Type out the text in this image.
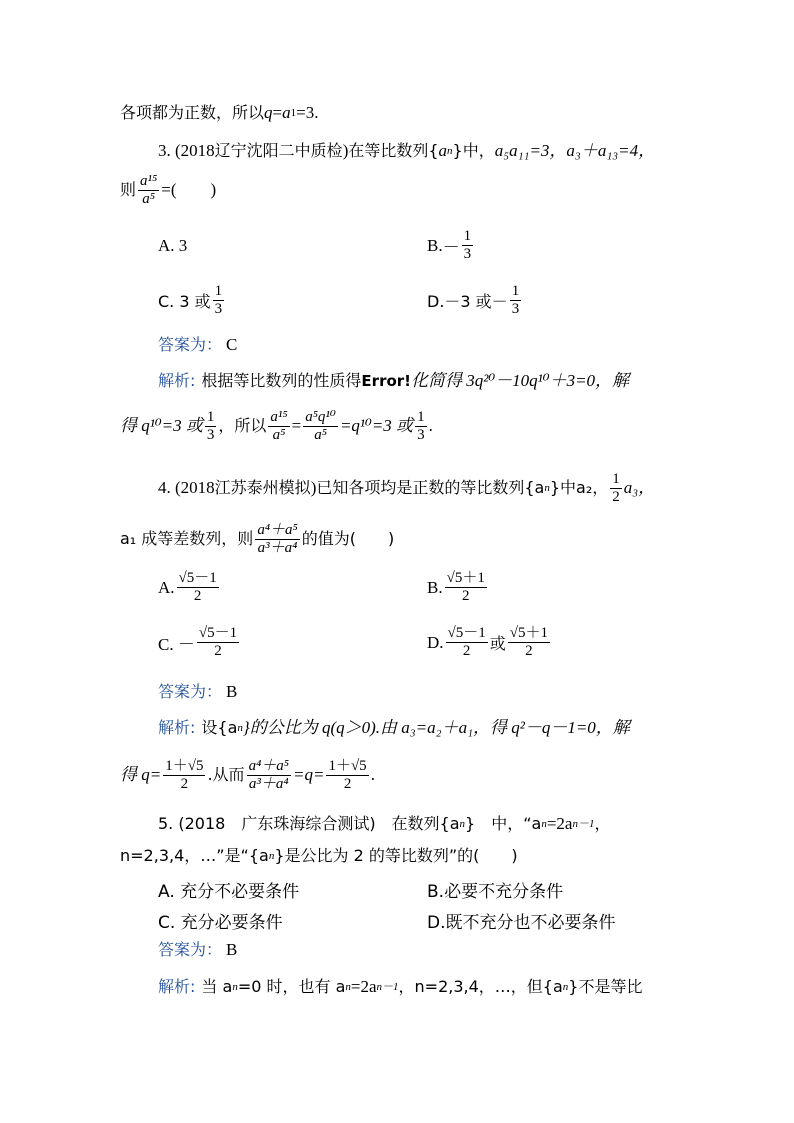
各项都为正数，所以 q = a 1 =3.
3. (2018 辽宁沈阳二中质检 ) 在等比数列{ a n }中， a₅a₁₁=3，a₃＋a₁₃=4，
则 $\frac{\text{a¹⁵}}{\text{a⁵}}$ =(　　)
A. 3	B. － $\frac{1}{3}$
C. 3 或 $\frac{1}{3}$	D.－3 或－ $\frac{1}{3}$
答案为： C
解析: 根据等比数列的性质得 Error! 化简得 3q²⁰－10q¹⁰＋3=0，解
得 q¹⁰=3 或 $\frac{1}{3}$ ，所以 $\frac{\text{a¹⁵}}{\text{a⁵}} = \frac{\text{a⁵q¹⁰}}{\text{a⁵}} =q^{10}=3$ 或 $\frac{1}{3}$ .
4. (2018 江苏泰州模拟 ) 已知各项均是正数的等比数列{a n }中a₂， $\frac{1}{2} a_3$，
a₁ 成等差数列，则 $\frac{\text{a⁴＋a⁵}}{\text{a³＋a⁴}}$ 的值为(　　)
A. $\frac{√5-1}{2}$	B. $\frac{√5+1}{2}$
C. － $\frac{√5-1}{2}$	D. $\frac{√5-1}{2}$ 或 $\frac{√5+1}{2}$
答案为： B
解析: 设{a n }的公比为 q(q＞0).由 a₃=a₂＋a₁，得 q²－q－1=0，解
得 $q= \frac{1+√5}{2}$ .从而 $\frac{\text{a⁴＋a⁵}}{\text{a³＋a⁴}} =q= \frac{1+√5}{2}$ .
5. (2018　广东珠海综合测试)　在数列{a n }　中，“a n =2a n－1 ，
n=2,3,4，…”是“{a n }是公比为 2 的等比数列”的(　　)
A. 充分不必要条件	B.必要不充分条件
C. 充分必要条件	D.既不充分也不必要条件
答案为： B
解析: 当 a n =0 时，也有 a n =2a n－1 ，n=2,3,4，…，但{a n }不是等比
